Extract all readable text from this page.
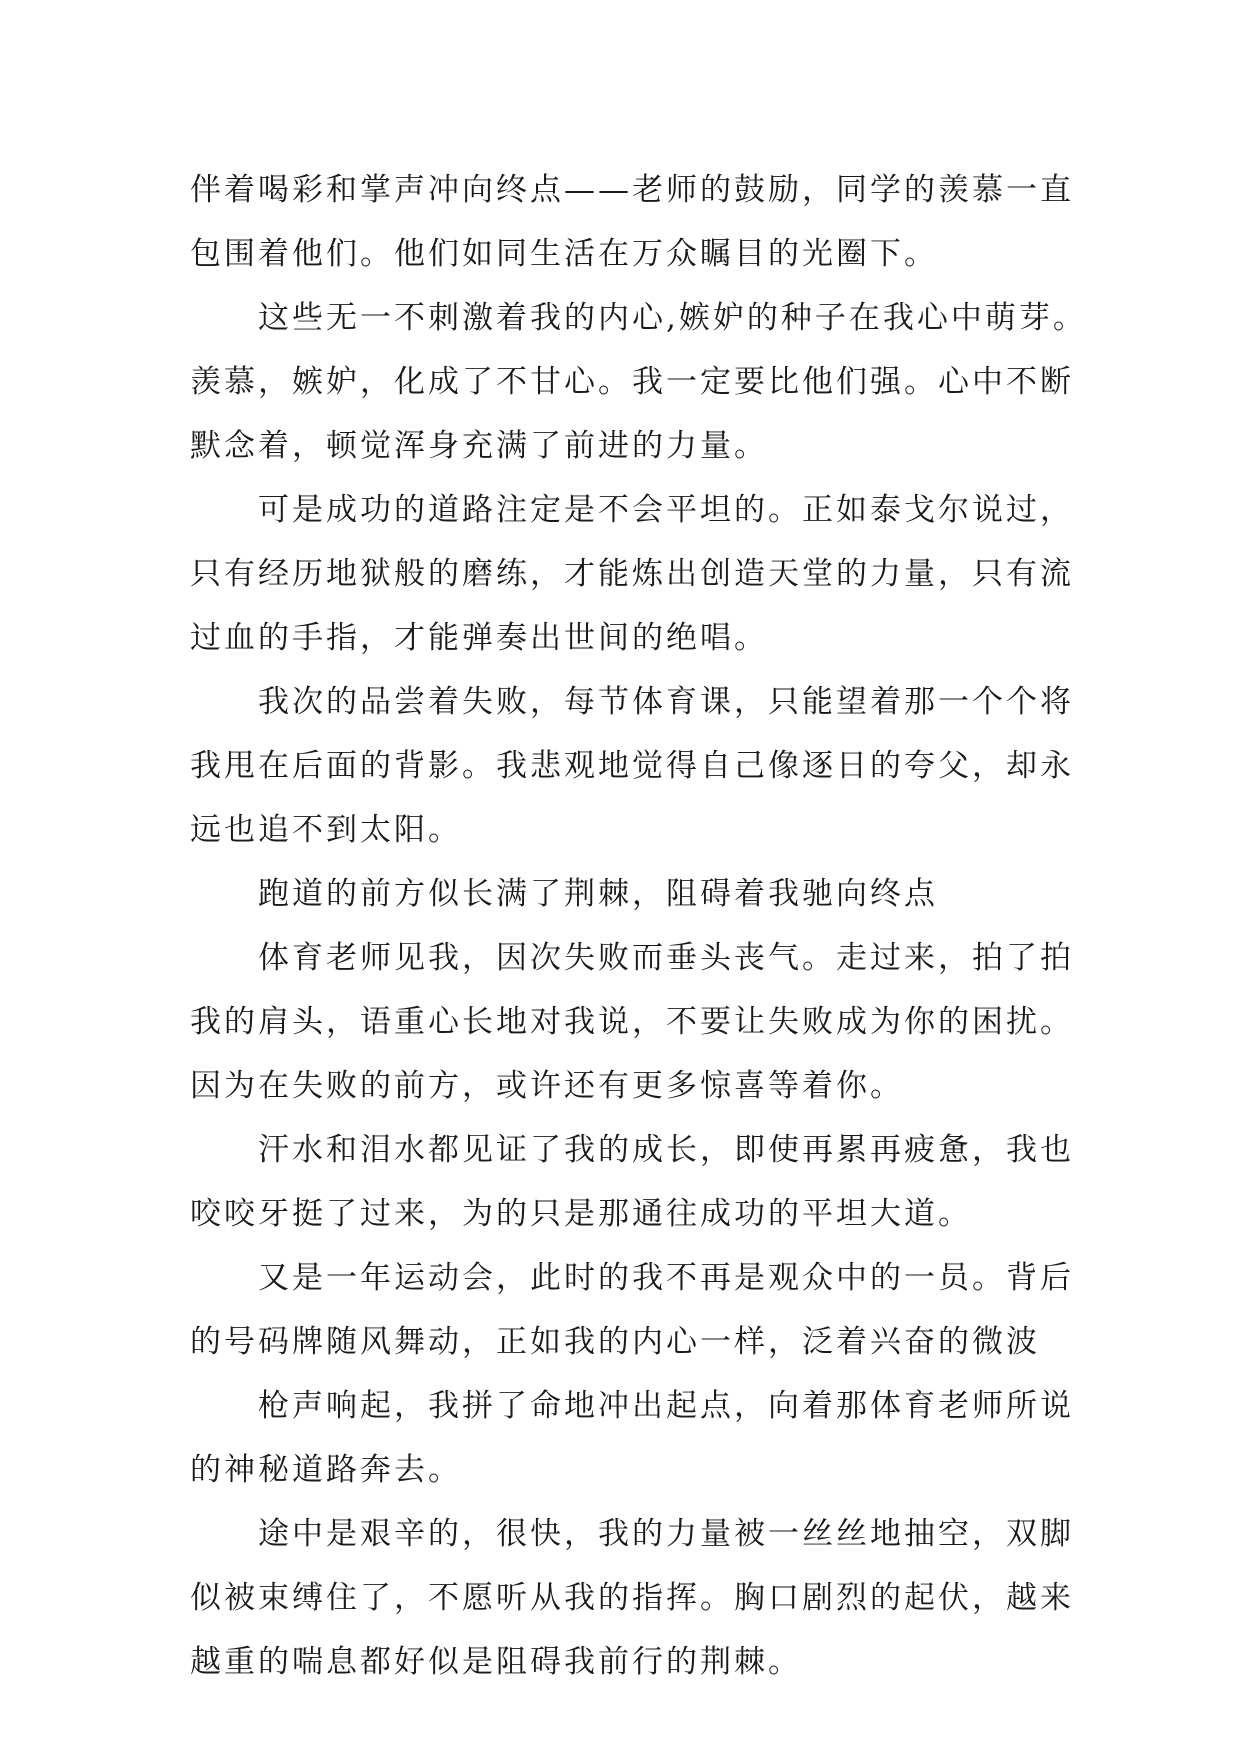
伴着喝彩和掌声冲向终点——老师的鼓励，同学的羡慕一直
包围着他们。他们如同生活在万众瞩目的光圈下。
这些无一不刺激着我的内心,嫉妒的种子在我心中萌芽。
羡慕，嫉妒，化成了不甘心。我一定要比他们强。心中不断
默念着，顿觉浑身充满了前进的力量。
可是成功的道路注定是不会平坦的。正如泰戈尔说过，
只有经历地狱般的磨练，才能炼出创造天堂的力量，只有流
过血的手指，才能弹奏出世间的绝唱。
我次的品尝着失败，每节体育课，只能望着那一个个将
我甩在后面的背影。我悲观地觉得自己像逐日的夸父，却永
远也追不到太阳。
跑道的前方似长满了荆棘，阻碍着我驰向终点
体育老师见我，因次失败而垂头丧气。走过来，拍了拍
我的肩头，语重心长地对我说，不要让失败成为你的困扰。
因为在失败的前方，或许还有更多惊喜等着你。
汗水和泪水都见证了我的成长，即使再累再疲惫，我也
咬咬牙挺了过来，为的只是那通往成功的平坦大道。
又是一年运动会，此时的我不再是观众中的一员。背后
的号码牌随风舞动，正如我的内心一样，泛着兴奋的微波
枪声响起，我拼了命地冲出起点，向着那体育老师所说
的神秘道路奔去。
途中是艰辛的，很快，我的力量被一丝丝地抽空，双脚
似被束缚住了，不愿听从我的指挥。胸口剧烈的起伏，越来
越重的喘息都好似是阻碍我前行的荆棘。
